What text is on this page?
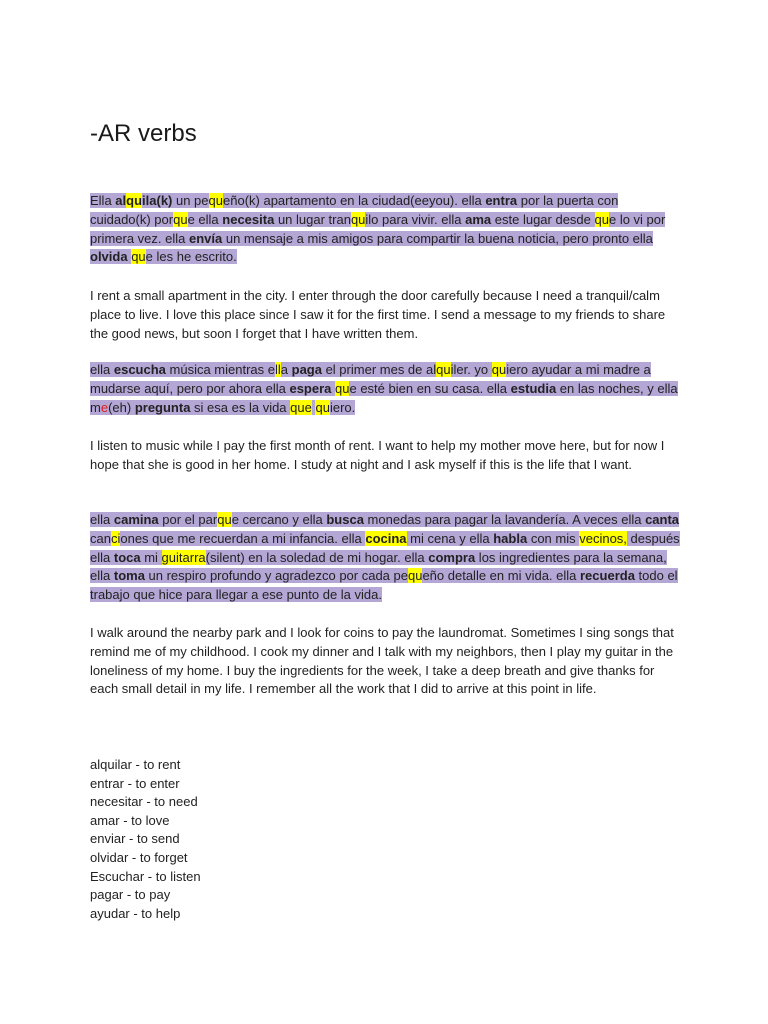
-AR verbs

Ella alquila(k) un pequeño(k) apartamento en la ciudad(eeyou). ella entra por la puerta con cuidado(k) porque ella necesita un lugar tranquilo para vivir. ella ama este lugar desde que lo vi por primera vez. ella envía un mensaje a mis amigos para compartir la buena noticia, pero pronto ella olvida que les he escrito.

I rent a small apartment in the city. I enter through the door carefully because I need a tranquil/calm place to live. I love this place since I saw it for the first time. I send a message to my friends to share the good news, but soon I forget that I have written them.

ella escucha música mientras ella paga el primer mes de alquiler. yo quiero ayudar a mi madre a mudarse aquí, pero por ahora ella espera que esté bien en su casa. ella estudia en las noches, y ella me(eh) pregunta si esa es la vida que quiero.

I listen to music while I pay the first month of rent. I want to help my mother move here, but for now I hope that she is good in her home. I study at night and I ask myself if this is the life that I want.

ella camina por el parque cercano y ella busca monedas para pagar la lavandería. A veces ella canta canciones que me recuerdan a mi infancia. ella cocina mi cena y ella habla con mis vecinos, después ella toca mi guitarra(silent) en la soledad de mi hogar. ella compra los ingredientes para la semana, ella toma un respiro profundo y agradezco por cada pequeño detalle en mi vida. ella recuerda todo el trabajo que hice para llegar a ese punto de la vida.

I walk around the nearby park and I look for coins to pay the laundromat. Sometimes I sing songs that remind me of my childhood. I cook my dinner and I talk with my neighbors, then I play my guitar in the loneliness of my home. I buy the ingredients for the week, I take a deep breath and give thanks for each small detail in my life. I remember all the work that I did to arrive at this point in life.

alquilar - to rent
entrar - to enter
necesitar - to need
amar - to love
enviar - to send
olvidar - to forget
Escuchar - to listen
pagar - to pay
ayudar - to help
